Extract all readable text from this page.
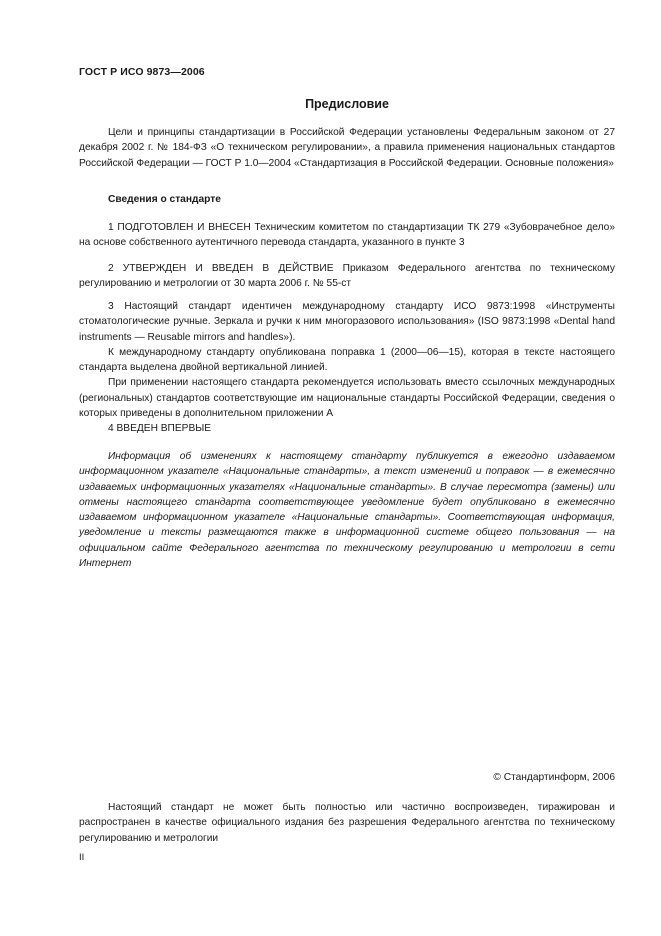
ГОСТ Р ИСО 9873—2006
Предисловие

Цели и принципы стандартизации в Российской Федерации установлены Федеральным законом от 27 декабря 2002 г. № 184-ФЗ «О техническом регулировании», а правила применения национальных стандартов Российской Федерации — ГОСТ Р 1.0—2004 «Стандартизация в Российской Федерации. Основные положения»

Сведения о стандарте

1 ПОДГОТОВЛЕН И ВНЕСЕН Техническим комитетом по стандартизации ТК 279 «Зубоврачебное дело» на основе собственного аутентичного перевода стандарта, указанного в пункте 3

2 УТВЕРЖДЕН И ВВЕДЕН В ДЕЙСТВИЕ Приказом Федерального агентства по техническому регулированию и метрологии от 30 марта 2006 г. № 55-ст

3 Настоящий стандарт идентичен международному стандарту ИСО 9873:1998 «Инструменты стоматологические ручные. Зеркала и ручки к ним многоразового использования» (ISO 9873:1998 «Dental hand instruments — Reusable mirrors and handles»).

К международному стандарту опубликована поправка 1 (2000—06—15), которая в тексте настоящего стандарта выделена двойной вертикальной линией.

При применении настоящего стандарта рекомендуется использовать вместо ссылочных международных (региональных) стандартов соответствующие им национальные стандарты Российской Федерации, сведения о которых приведены в дополнительном приложении А

4 ВВЕДЕН ВПЕРВЫЕ

Информация об изменениях к настоящему стандарту публикуется в ежегодно издаваемом информационном указателе «Национальные стандарты», а текст изменений и поправок — в ежемесячно издаваемых информационных указателях «Национальные стандарты». В случае пересмотра (замены) или отмены настоящего стандарта соответствующее уведомление будет опубликовано в ежемесячно издаваемом информационном указателе «Национальные стандарты». Соответствующая информация, уведомление и тексты размещаются также в информационной системе общего пользования — на официальном сайте Федерального агентства по техническому регулированию и метрологии в сети Интернет

© Стандартинформ, 2006

Настоящий стандарт не может быть полностью или частично воспроизведен, тиражирован и распространен в качестве официального издания без разрешения Федерального агентства по техническому регулированию и метрологии

II
